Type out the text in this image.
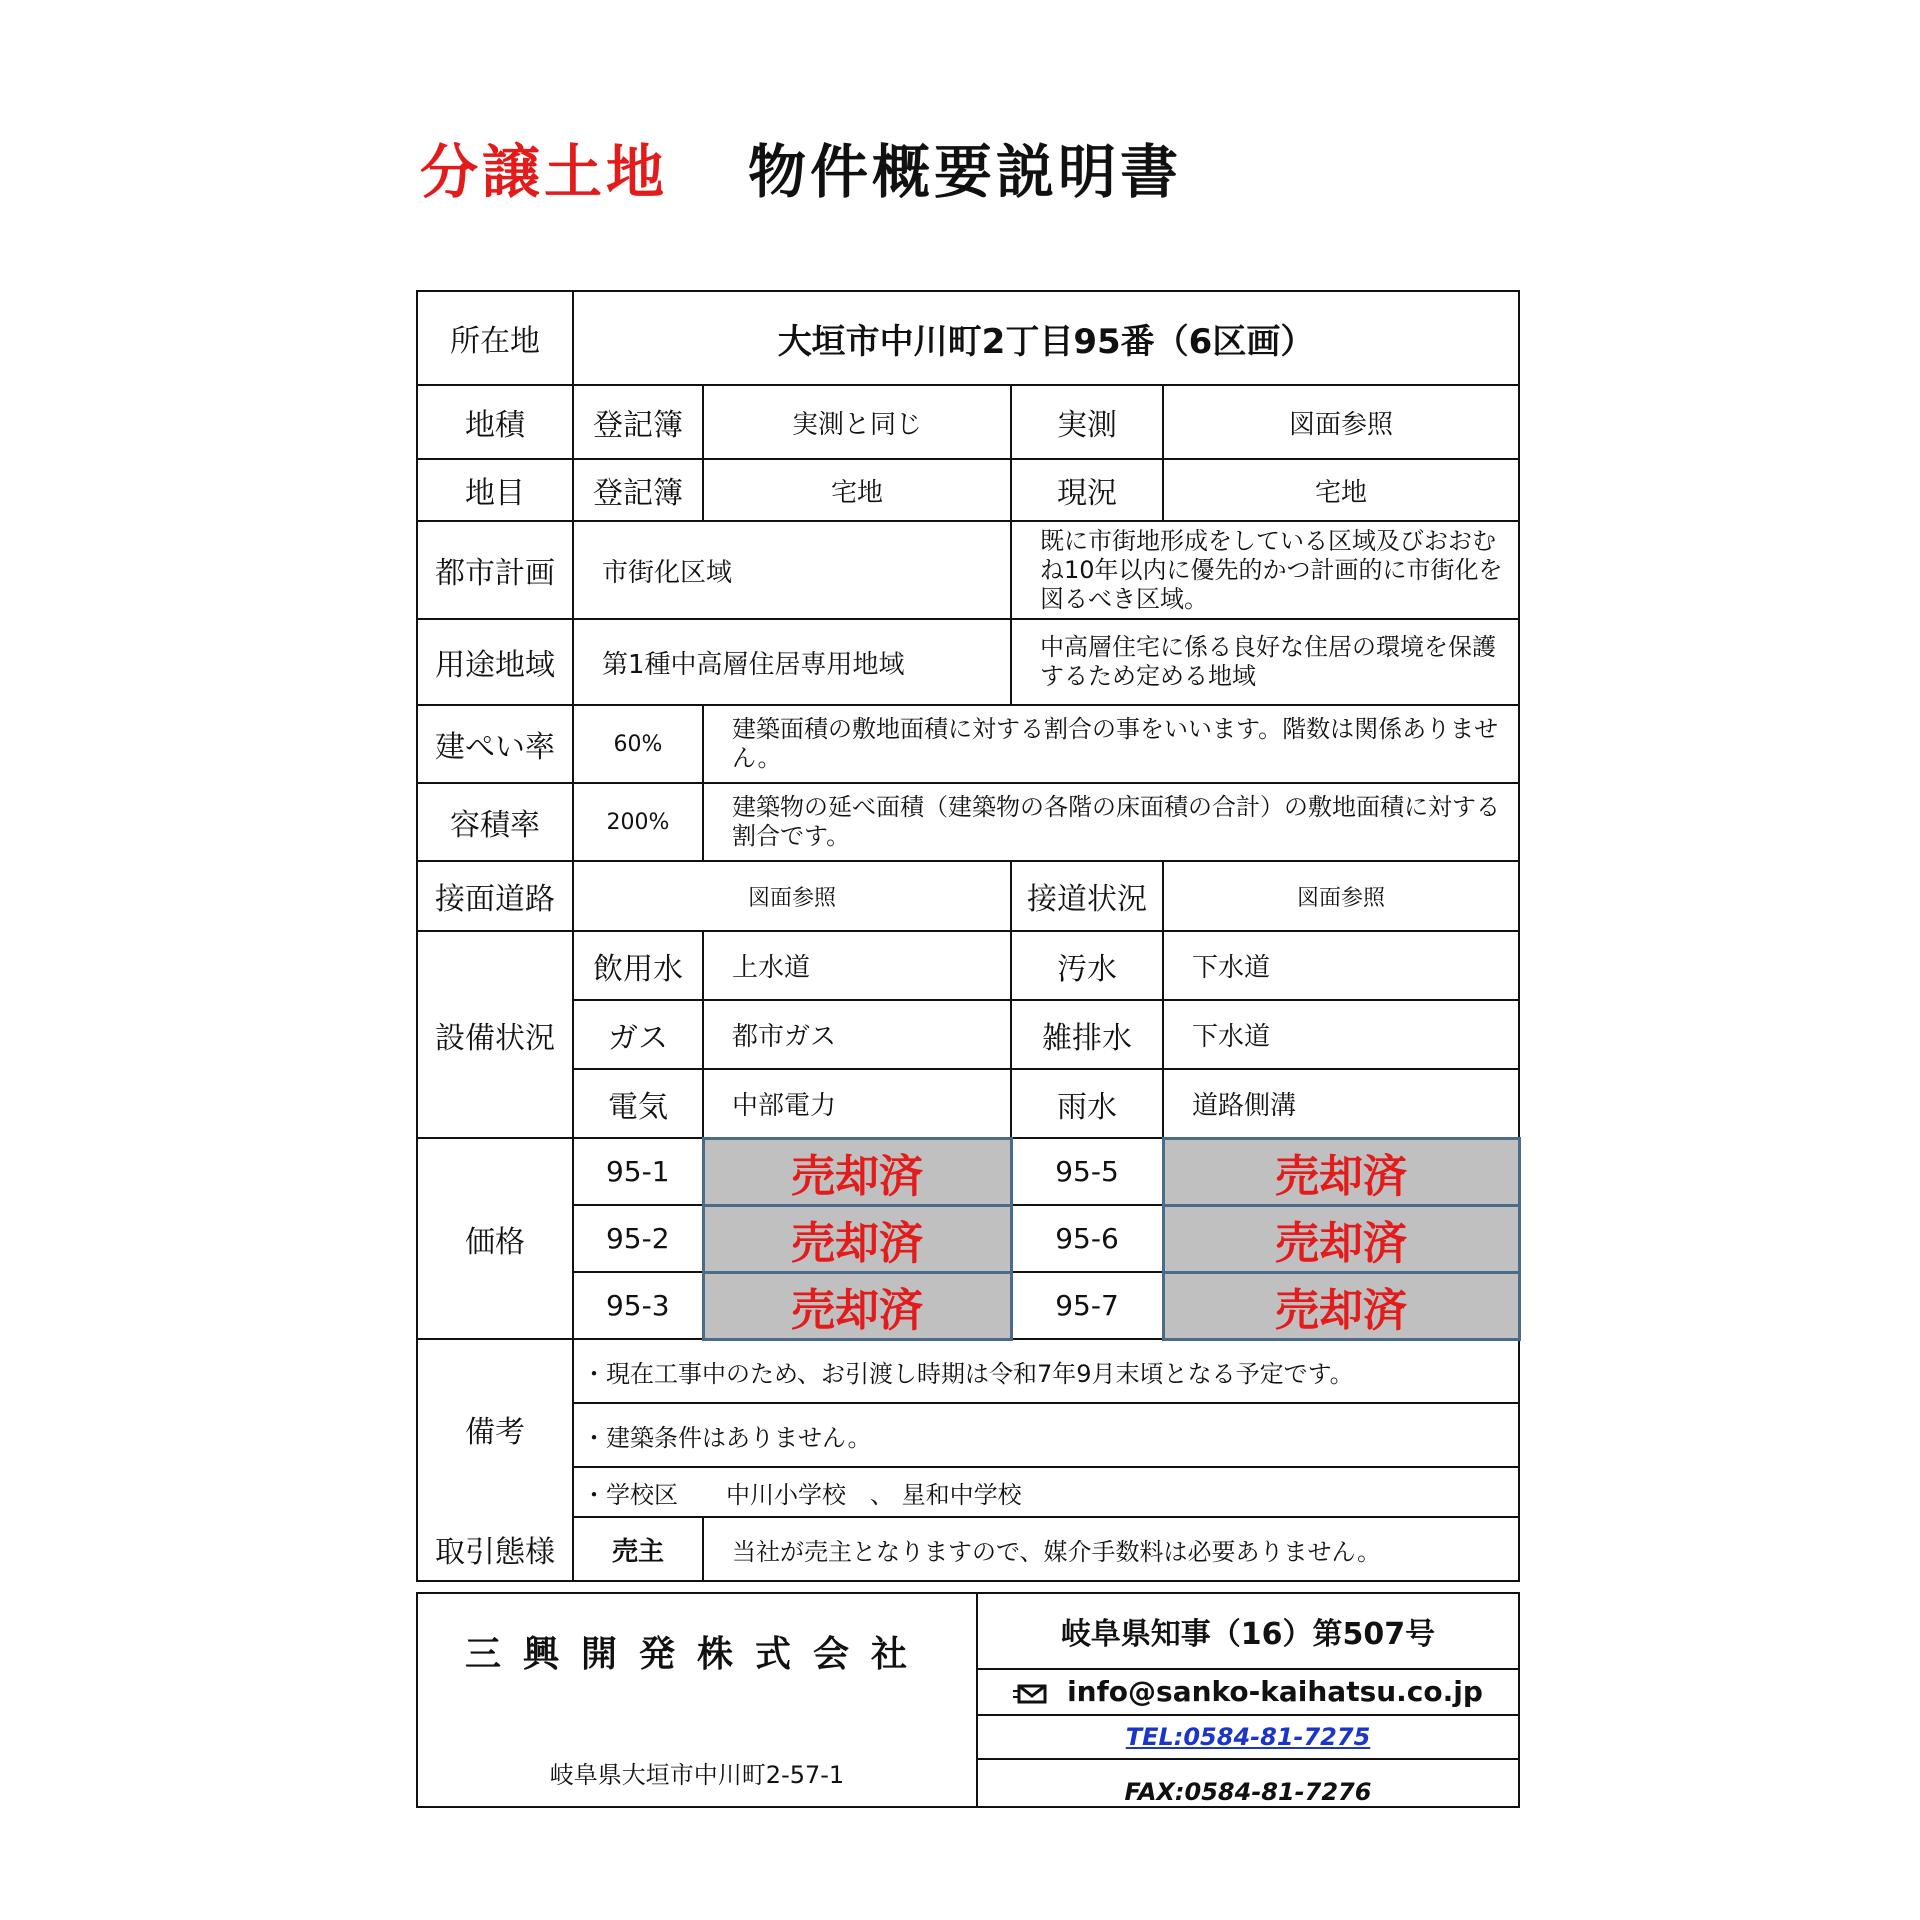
分譲土地 物件概要説明書
所在地	大垣市中川町2丁目95番（6区画）			
地積	登記簿	実測と同じ	実測	図面参照
地目	登記簿	宅地	現況	宅地
都市計画	市街化区域		既に市街地形成をしている区域及びおおむね10年以内に優先的かつ計画的に市街化を図るべき区域。	
用途地域	第1種中高層住居専用地域		中高層住宅に係る良好な住居の環境を保護するため定める地域	
建ぺい率	60%	建築面積の敷地面積に対する割合の事をいいます。階数は関係ありません。		
容積率	200%	建築物の延べ面積（建築物の各階の床面積の合計）の敷地面積に対する割合です。		
接面道路	図面参照		接道状況	図面参照
設備状況	飲用水	上水道	汚水	下水道
	ガス	都市ガス	雑排水	下水道
	電気	中部電力	雨水	道路側溝
価格	95-1	売却済	95-5	売却済
	95-2	売却済	95-6	売却済
	95-3	売却済	95-7	売却済
備考	・現在工事中のため、お引渡し時期は令和7年9月末頃となる予定です。			
	・建築条件はありません。			
	・学校区　　中川小学校　、 星和中学校			
取引態様	売主	当社が売主となりますので、媒介手数料は必要ありません。		
三興開発株式会社
岐阜県大垣市中川町2-57-1
	岐阜県知事（16）第507号
info@sanko-kaihatsu.co.jp
TEL:0584-81-7275
FAX:0584-81-7276
